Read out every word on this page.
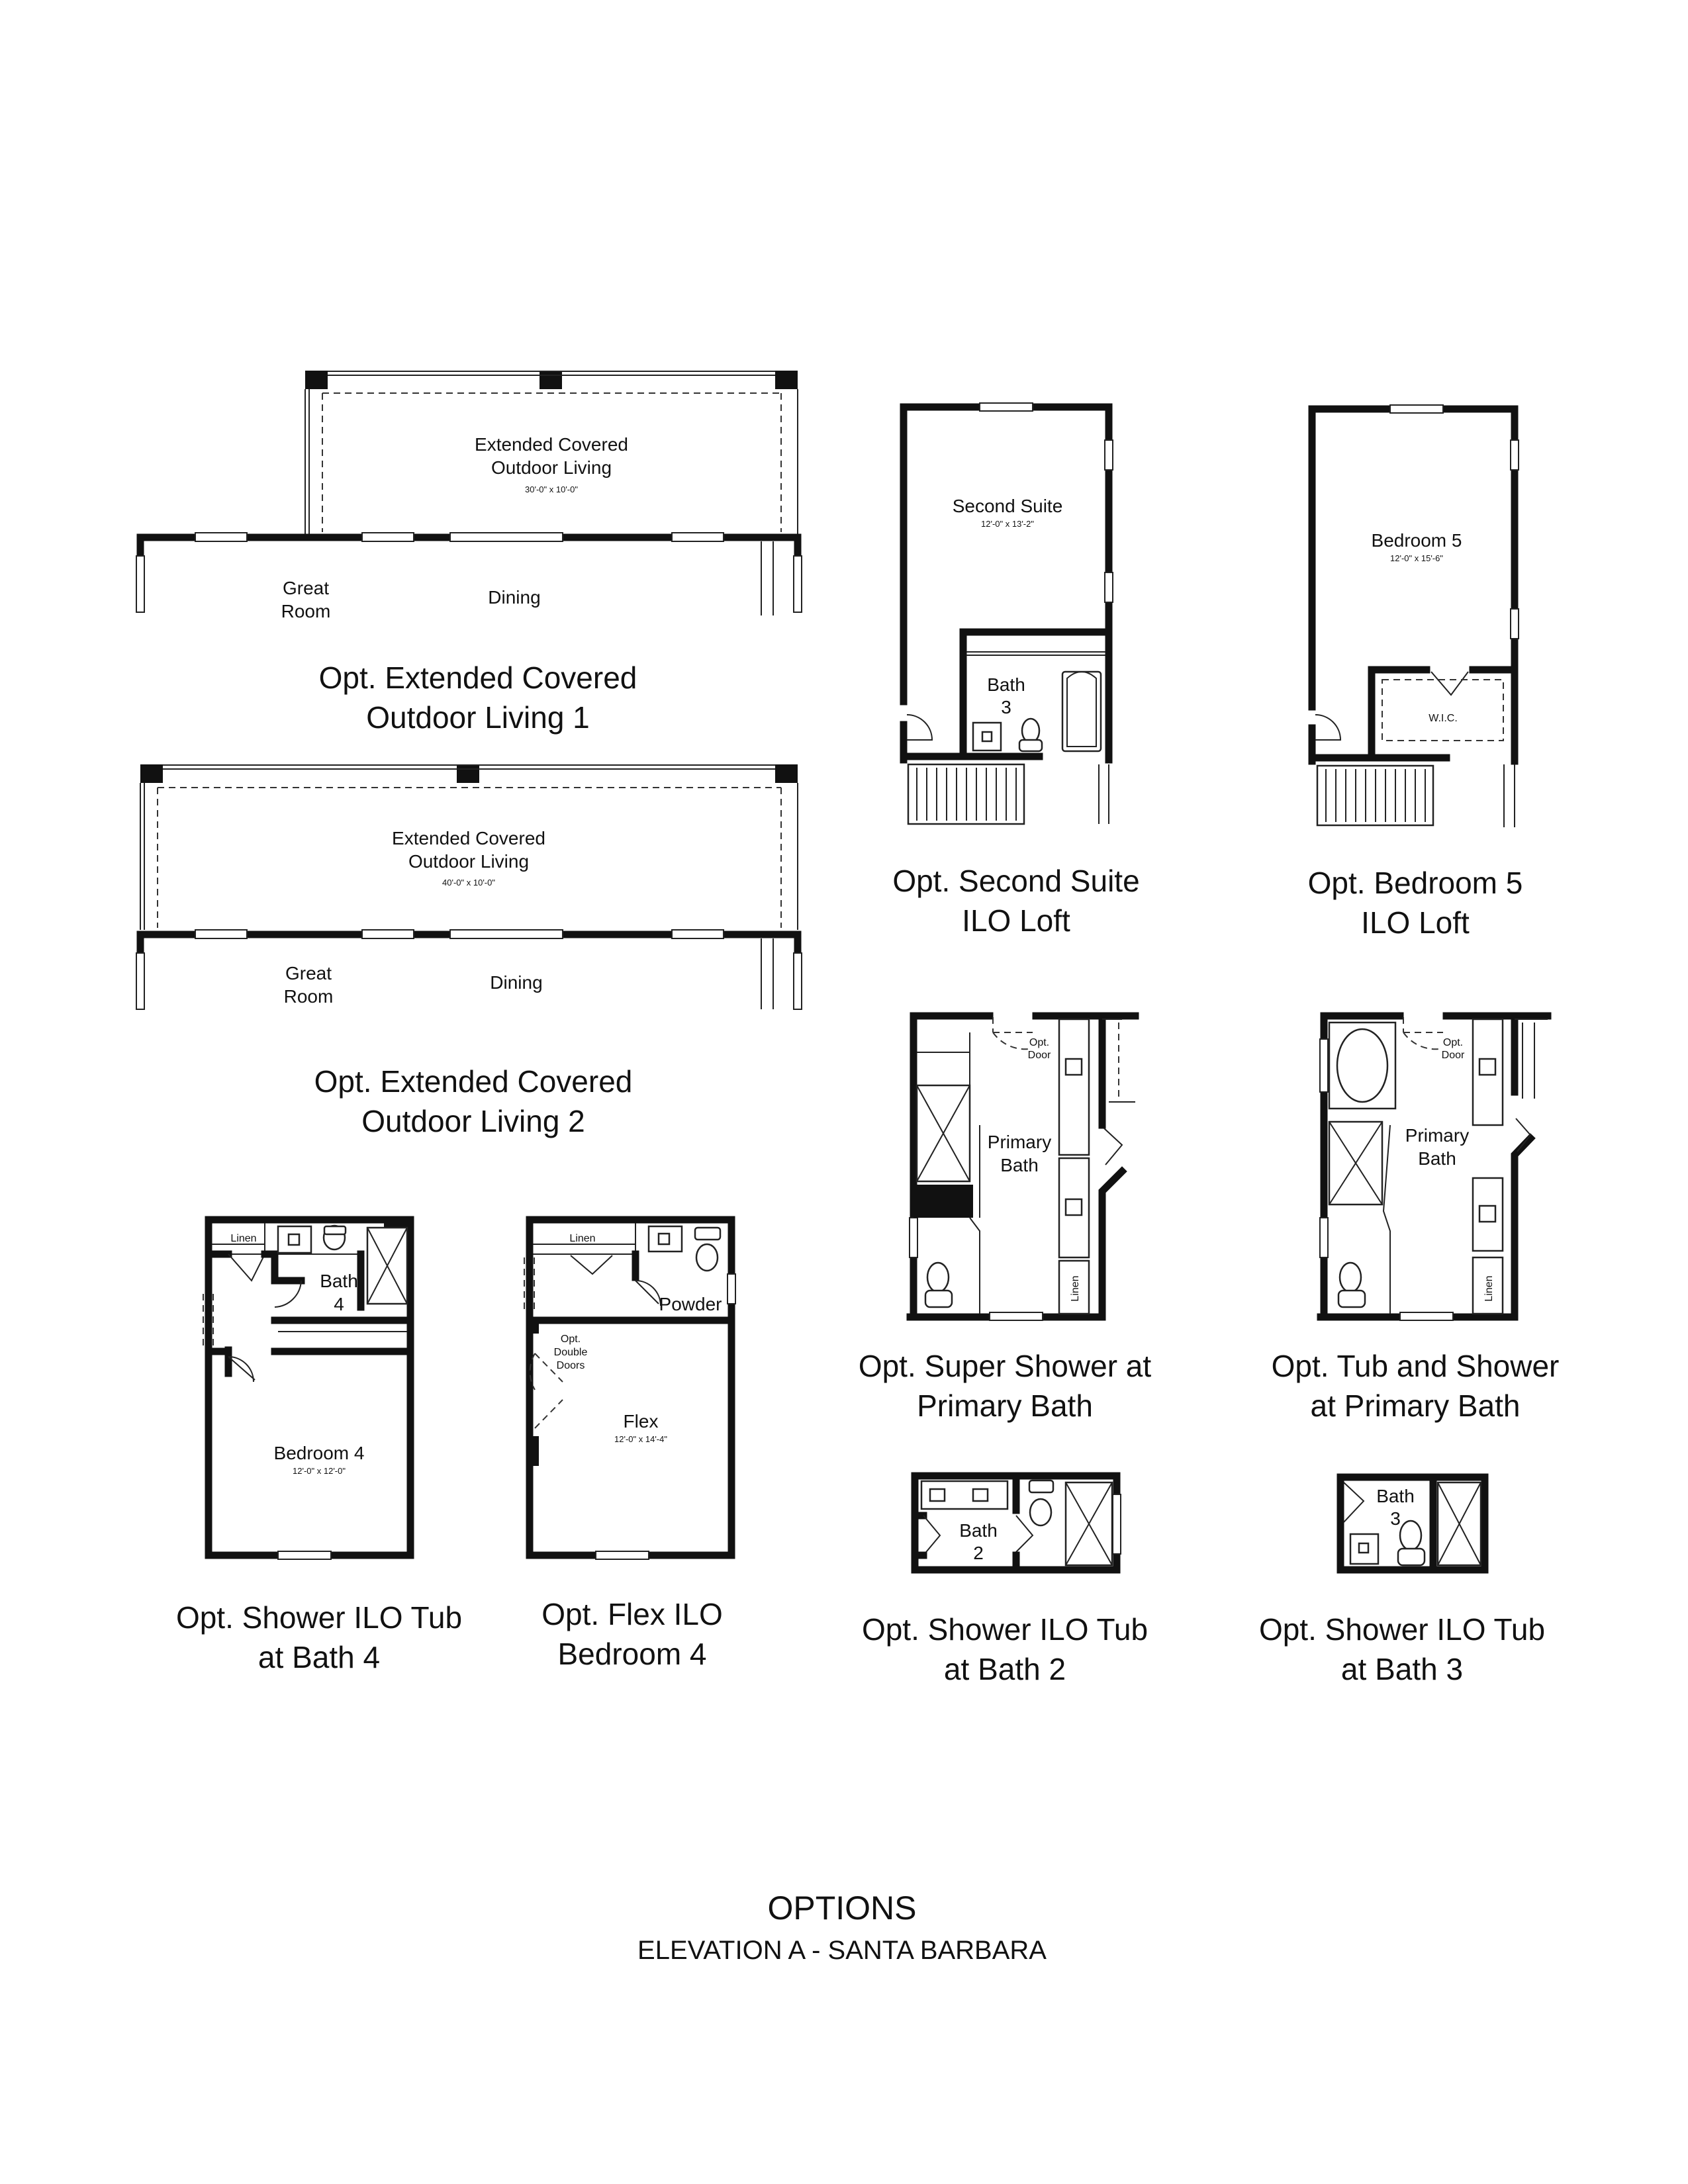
Extended Covered
Outdoor Living
30'-0" x 10'-0"
Great
Room
Dining
Opt. Extended Covered
Outdoor Living 1
Extended Covered
Outdoor Living
40'-0" x 10'-0"
Great
Room
Dining
Opt. Extended Covered
Outdoor Living 2
Second Suite
12'-0" x 13'-2"
Bath
3
Opt. Second Suite
ILO Loft
Bedroom 5
12'-0" x 15'-6"
W.I.C.
Opt. Bedroom 5
ILO Loft
Opt.
Door
Primary
Bath
Linen
Opt. Super Shower at
Primary Bath
Opt.
Door
Primary
Bath
Linen
Opt. Tub and Shower
at Primary Bath
Linen
Bath
4
Bedroom 4
12'-0" x 12'-0"
Opt. Shower ILO Tub
at Bath 4
Linen
Powder
Opt.
Double
Doors
Flex
12'-0" x 14'-4"
Opt. Flex ILO
Bedroom 4
Bath
2
Opt. Shower ILO Tub
at Bath 2
Bath
3
Opt. Shower ILO Tub
at Bath 3
OPTIONS
ELEVATION A - SANTA BARBARA
